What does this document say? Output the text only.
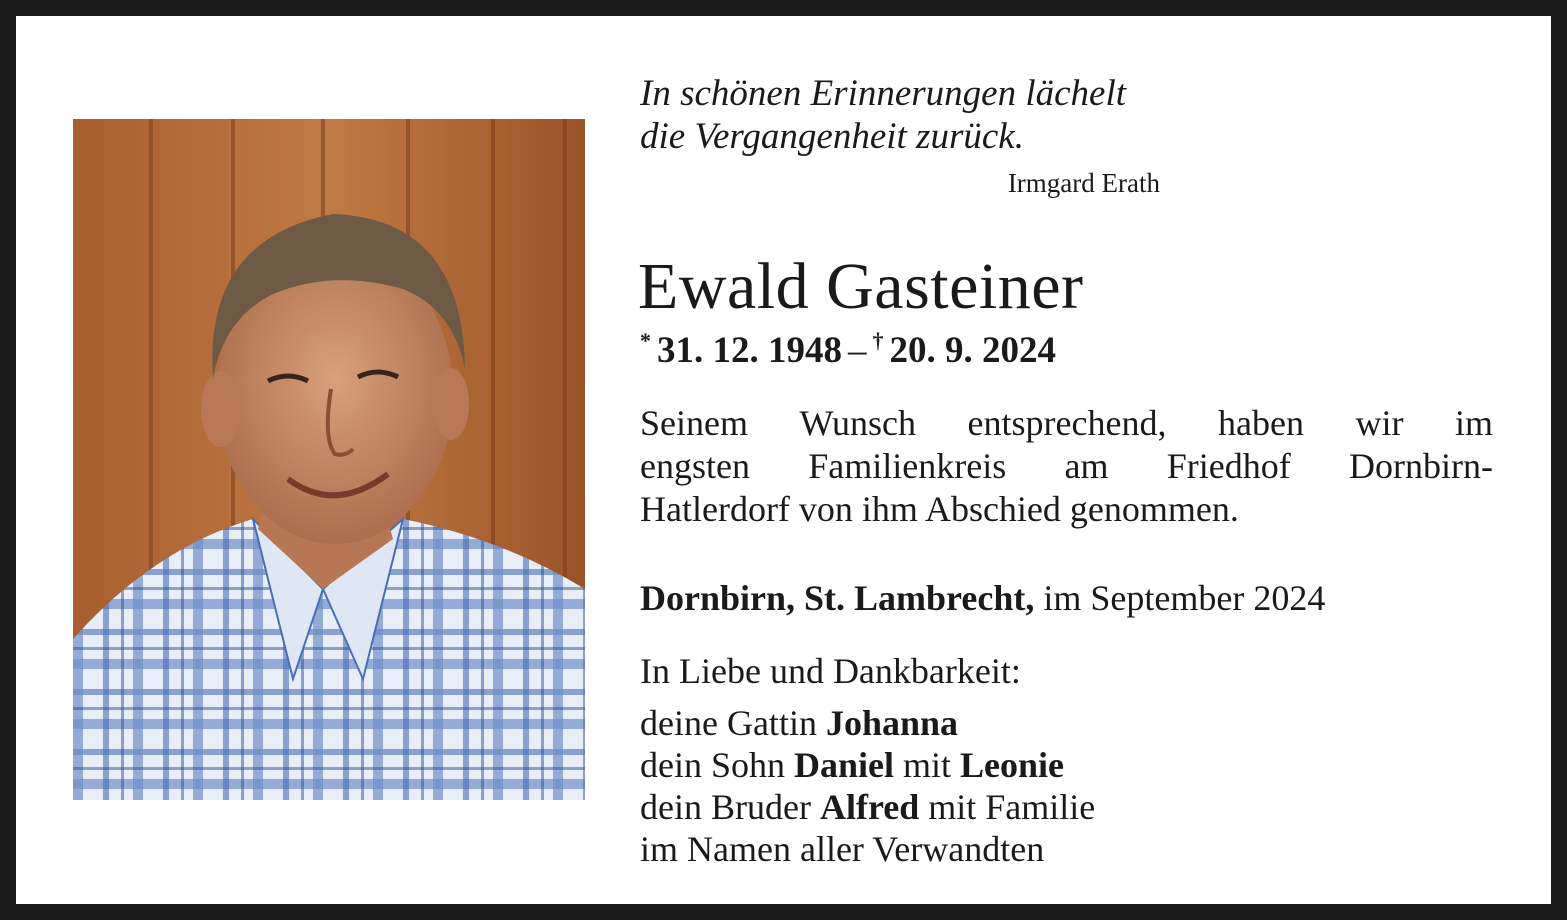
In schönen Erinnerungen lächelt
die Vergangenheit zurück.
Irmgard Erath
Ewald Gasteiner
* 31. 12. 1948 – † 20. 9. 2024
Seinem Wunsch entsprechend, haben wir im
engsten Familienkreis am Friedhof Dornbirn-
Hatlerdorf von ihm Abschied genommen.
Dornbirn, St. Lambrecht, im September 2024
In Liebe und Dankbarkeit:
deine Gattin Johanna
dein Sohn Daniel mit Leonie
dein Bruder Alfred mit Familie
im Namen aller Verwandten
